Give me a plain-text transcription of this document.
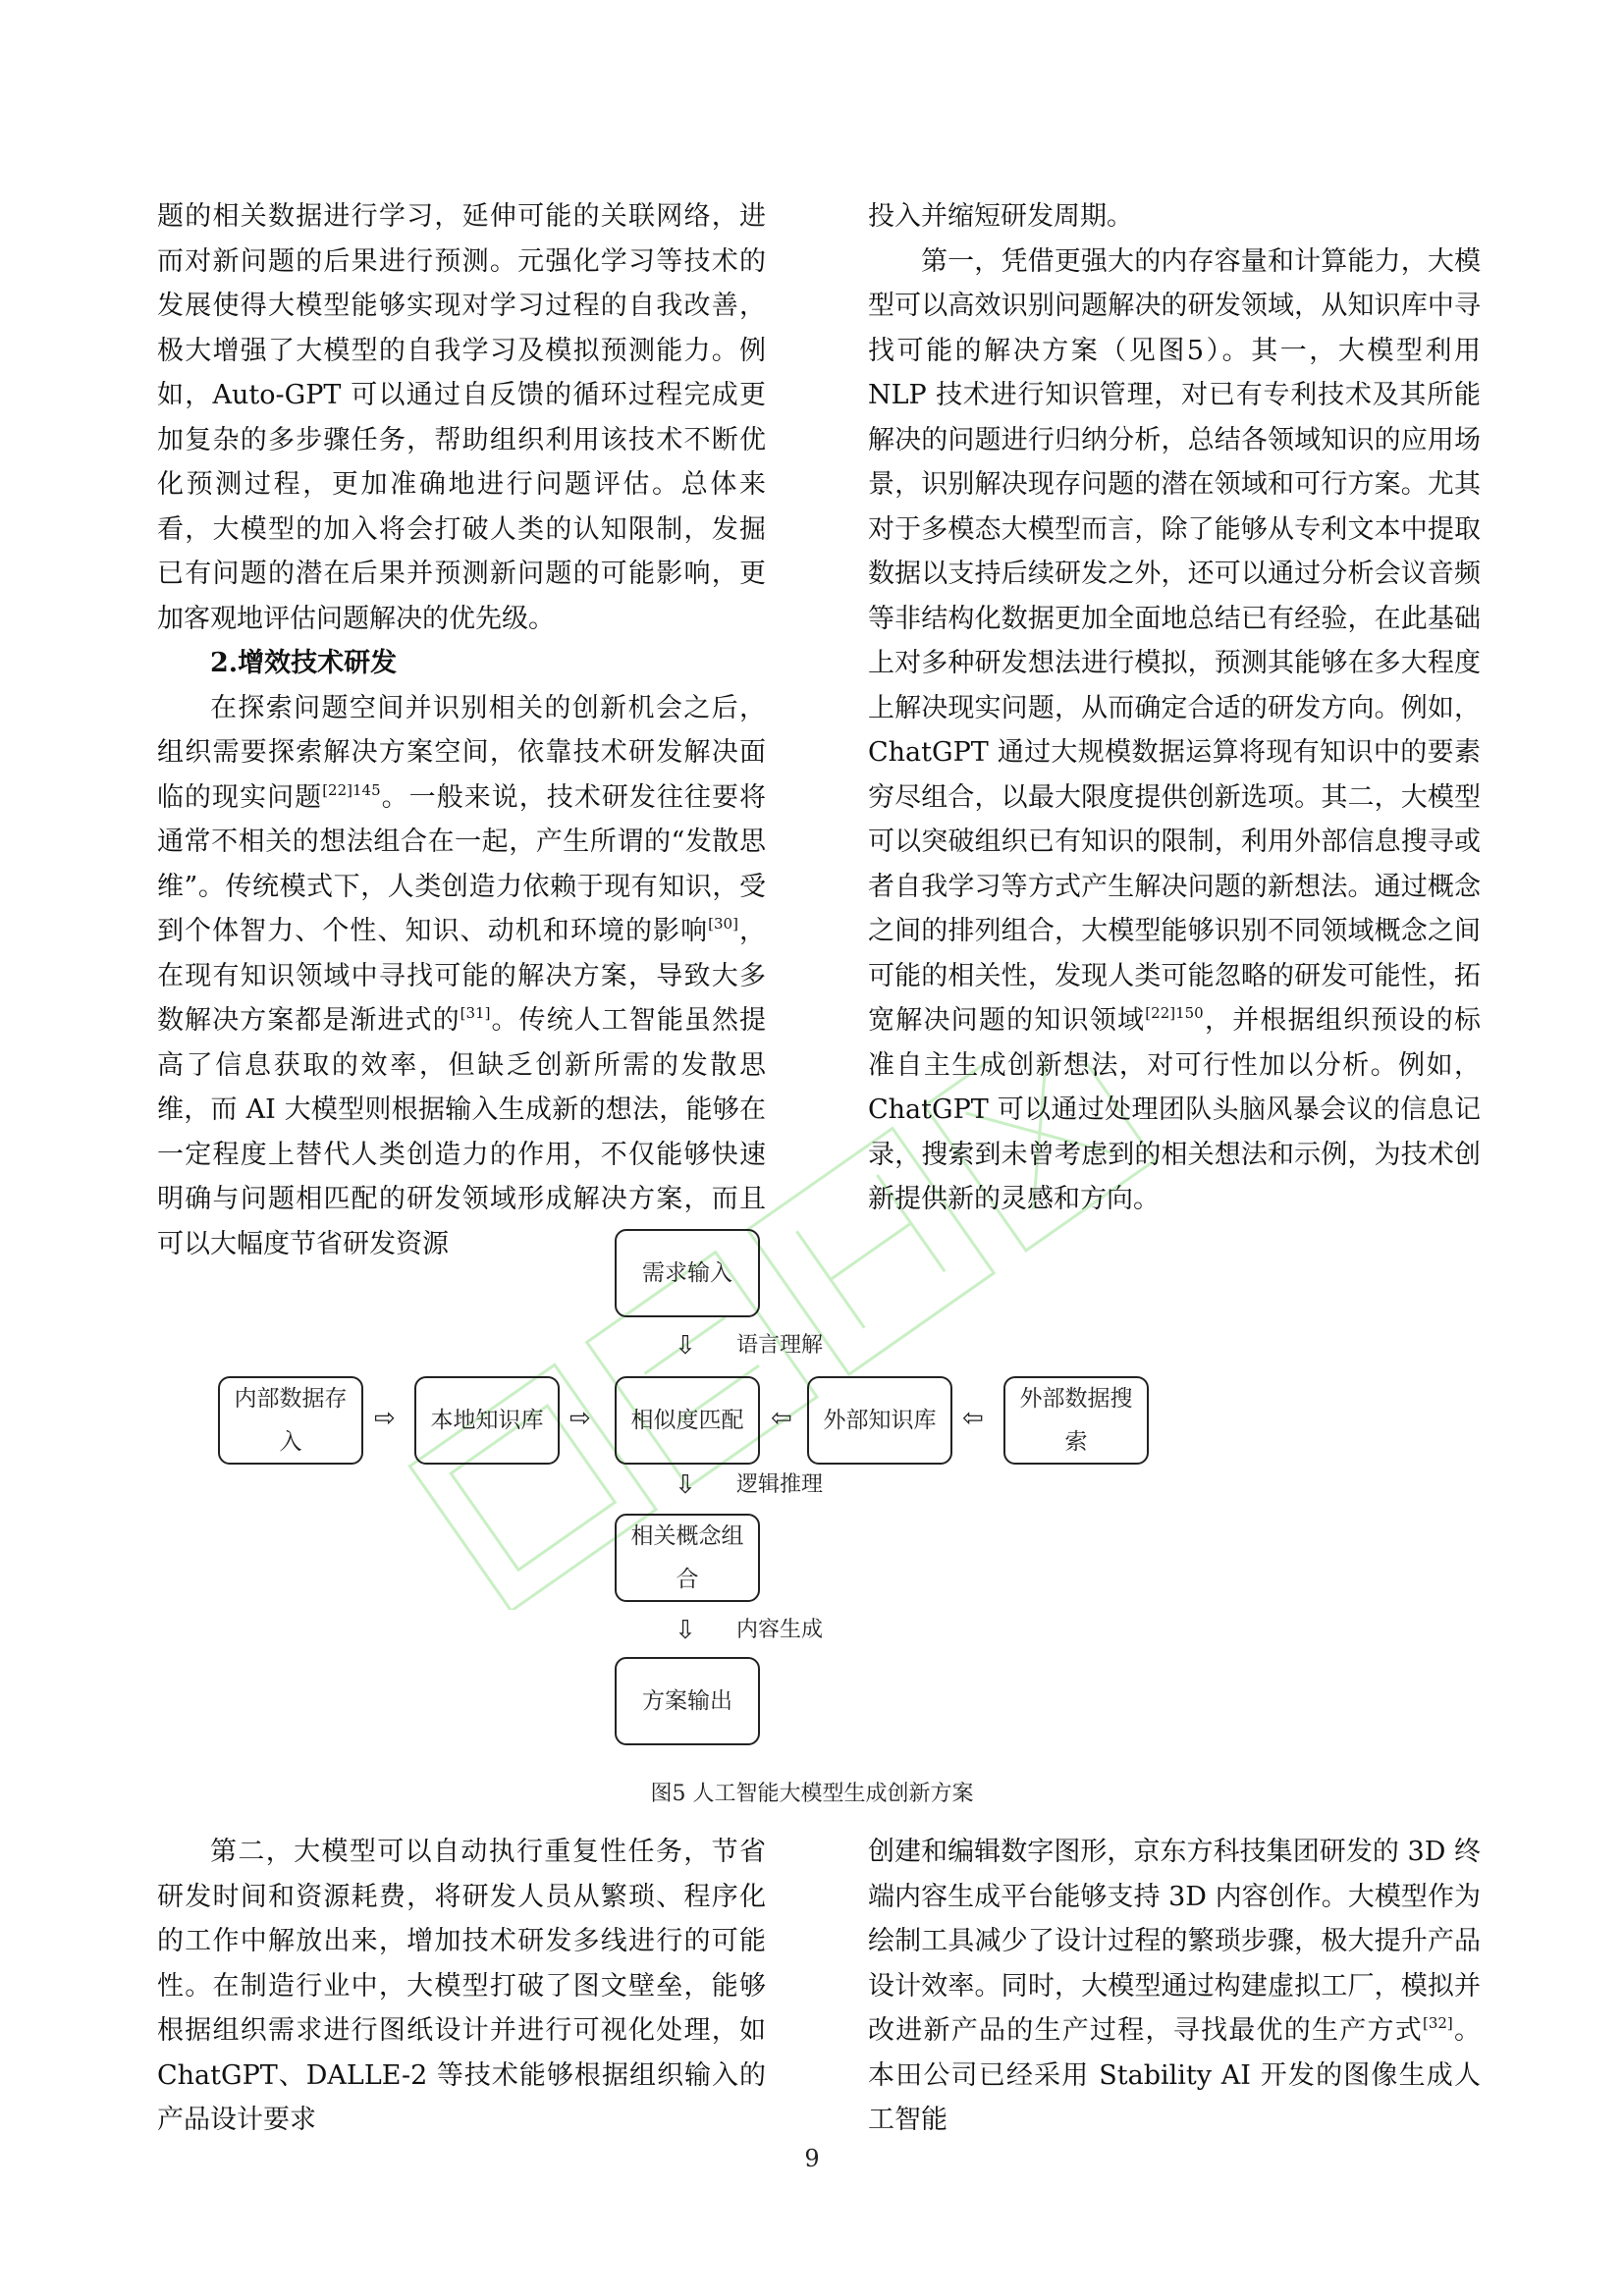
题的相关数据进行学习，延伸可能的关联网络，进而对新问题的后果进行预测。元强化学习等技术的发展使得大模型能够实现对学习过程的自我改善，极大增强了大模型的自我学习及模拟预测能力。例如，Auto-GPT 可以通过自反馈的循环过程完成更加复杂的多步骤任务，帮助组织利用该技术不断优化预测过程，更加准确地进行问题评估。总体来看，大模型的加入将会打破人类的认知限制，发掘已有问题的潜在后果并预测新问题的可能影响，更加客观地评估问题解决的优先级。

2.增效技术研发

在探索问题空间并识别相关的创新机会之后，组织需要探索解决方案空间，依靠技术研发解决面临的现实问题$^{[22]145}$。一般来说，技术研发往往要将通常不相关的想法组合在一起，产生所谓的“发散思维”。传统模式下，人类创造力依赖于现有知识，受到个体智力、个性、知识、动机和环境的影响[30]，在现有知识领域中寻找可能的解决方案，导致大多数解决方案都是渐进式的[31]。传统人工智能虽然提高了信息获取的效率，但缺乏创新所需的发散思维，而 AI 大模型则根据输入生成新的想法，能够在一定程度上替代人类创造力的作用，不仅能够快速明确与问题相匹配的研发领域形成解决方案，而且可以大幅度节省研发资源

投入并缩短研发周期。

第一，凭借更强大的内存容量和计算能力，大模型可以高效识别问题解决的研发领域，从知识库中寻找可能的解决方案（见图5）。其一，大模型利用 NLP 技术进行知识管理，对已有专利技术及其所能解决的问题进行归纳分析，总结各领域知识的应用场景，识别解决现存问题的潜在领域和可行方案。尤其对于多模态大模型而言，除了能够从专利文本中提取数据以支持后续研发之外，还可以通过分析会议音频等非结构化数据更加全面地总结已有经验，在此基础上对多种研发想法进行模拟，预测其能够在多大程度上解决现实问题，从而确定合适的研发方向。例如，ChatGPT 通过大规模数据运算将现有知识中的要素穷尽组合，以最大限度提供创新选项。其二，大模型可以突破组织已有知识的限制，利用外部信息搜寻或者自我学习等方式产生解决问题的新想法。通过概念之间的排列组合，大模型能够识别不同领域概念之间可能的相关性，发现人类可能忽略的研发可能性，拓宽解决问题的知识领域$^{[22]150}$，并根据组织预设的标准自主生成创新想法，对可行性加以分析。例如，ChatGPT 可以通过处理团队头脑风暴会议的信息记录，搜索到未曾考虑到的相关想法和示例，为技术创新提供新的灵感和方向。

需求输入
⇩ 语言理解
内部数据存入
⇨	本地知识库	⇨	相似度匹配	⇦	外部知识库	⇦
外部数据搜索
⇩ 逻辑推理
相关概念组合
⇩ 内容生成
方案输出
图5 人工智能大模型生成创新方案

第二，大模型可以自动执行重复性任务，节省研发时间和资源耗费，将研发人员从繁琐、程序化的工作中解放出来，增加技术研发多线进行的可能性。在制造行业中，大模型打破了图文壁垒，能够根据组织需求进行图纸设计并进行可视化处理，如 ChatGPT、DALLE-2 等技术能够根据组织输入的产品设计要求

创建和编辑数字图形，京东方科技集团研发的 3D 终端内容生成平台能够支持 3D 内容创作。大模型作为绘制工具减少了设计过程的繁琐步骤，极大提升产品设计效率。同时，大模型通过构建虚拟工厂，模拟并改进新产品的生产过程，寻找最优的生产方式[32]。本田公司已经采用 Stability AI 开发的图像生成人工智能

9
